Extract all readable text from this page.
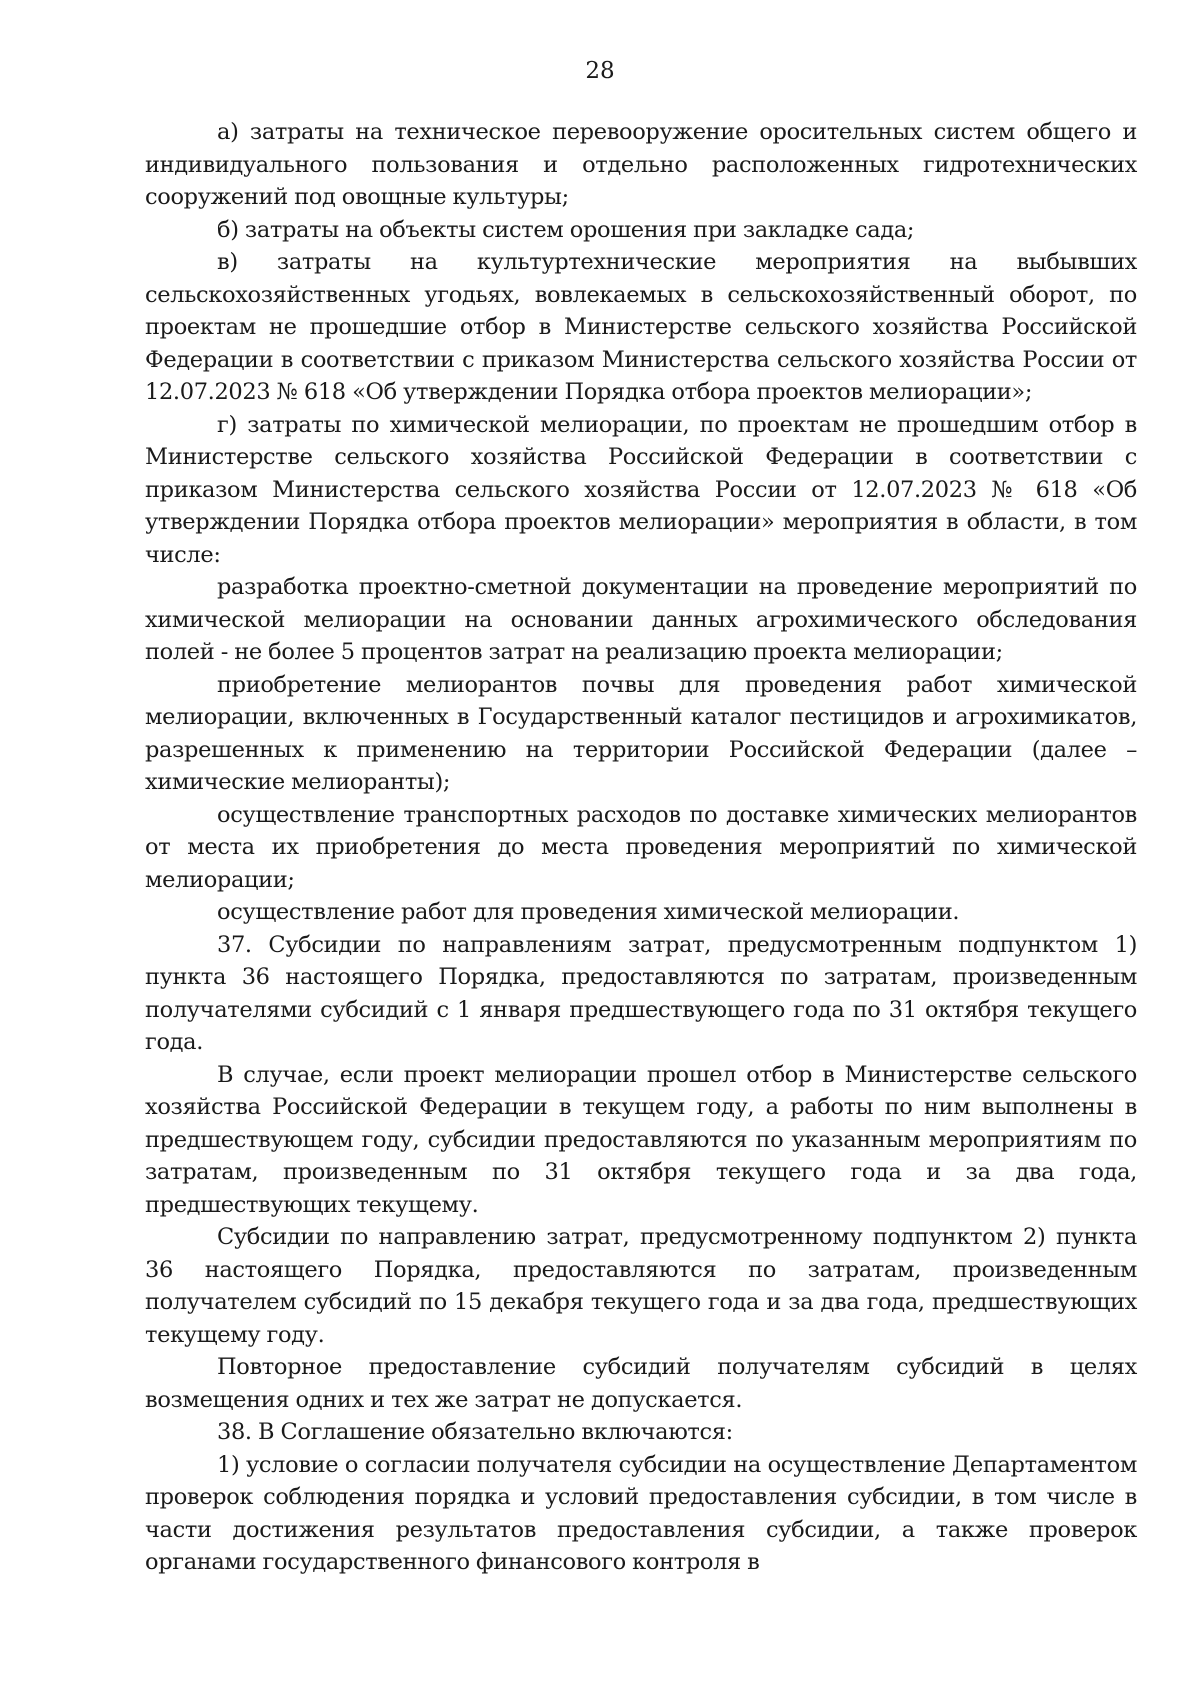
28

а) затраты на техническое перевооружение оросительных систем общего и индивидуального пользования и отдельно расположенных гидротехнических сооружений под овощные культуры;

б) затраты на объекты систем орошения при закладке сада;

в) затраты на культуртехнические мероприятия на выбывших сельскохозяйственных угодьях, вовлекаемых в сельскохозяйственный оборот, по проектам не прошедшие отбор в Министерстве сельского хозяйства Российской Федерации в соответствии с приказом Министерства сельского хозяйства России от 12.07.2023 № 618 «Об утверждении Порядка отбора проектов мелиорации»;

г) затраты по химической мелиорации, по проектам не прошедшим отбор в Министерстве сельского хозяйства Российской Федерации в соответствии с приказом Министерства сельского хозяйства России от 12.07.2023 № 618 «Об утверждении Порядка отбора проектов мелиорации» мероприятия в области, в том числе:

разработка проектно-сметной документации на проведение мероприятий по химической мелиорации на основании данных агрохимического обследования полей - не более 5 процентов затрат на реализацию проекта мелиорации;

приобретение мелиорантов почвы для проведения работ химической мелиорации, включенных в Государственный каталог пестицидов и агрохимикатов, разрешенных к применению на территории Российской Федерации (далее – химические мелиоранты);

осуществление транспортных расходов по доставке химических мелиорантов от места их приобретения до места проведения мероприятий по химической мелиорации;

осуществление работ для проведения химической мелиорации.

37. Субсидии по направлениям затрат, предусмотренным подпунктом 1) пункта 36 настоящего Порядка, предоставляются по затратам, произведенным получателями субсидий с 1 января предшествующего года по 31 октября текущего года.

В случае, если проект мелиорации прошел отбор в Министерстве сельского хозяйства Российской Федерации в текущем году, а работы по ним выполнены в предшествующем году, субсидии предоставляются по указанным мероприятиям по затратам, произведенным по 31 октября текущего года и за два года, предшествующих текущему.

Субсидии по направлению затрат, предусмотренному подпунктом 2) пункта 36 настоящего Порядка, предоставляются по затратам, произведенным получателем субсидий по 15 декабря текущего года и за два года, предшествующих текущему году.

Повторное предоставление субсидий получателям субсидий в целях возмещения одних и тех же затрат не допускается.

38. В Соглашение обязательно включаются:

1) условие о согласии получателя субсидии на осуществление Департаментом проверок соблюдения порядка и условий предоставления субсидии, в том числе в части достижения результатов предоставления субсидии, а также проверок органами государственного финансового контроля в
